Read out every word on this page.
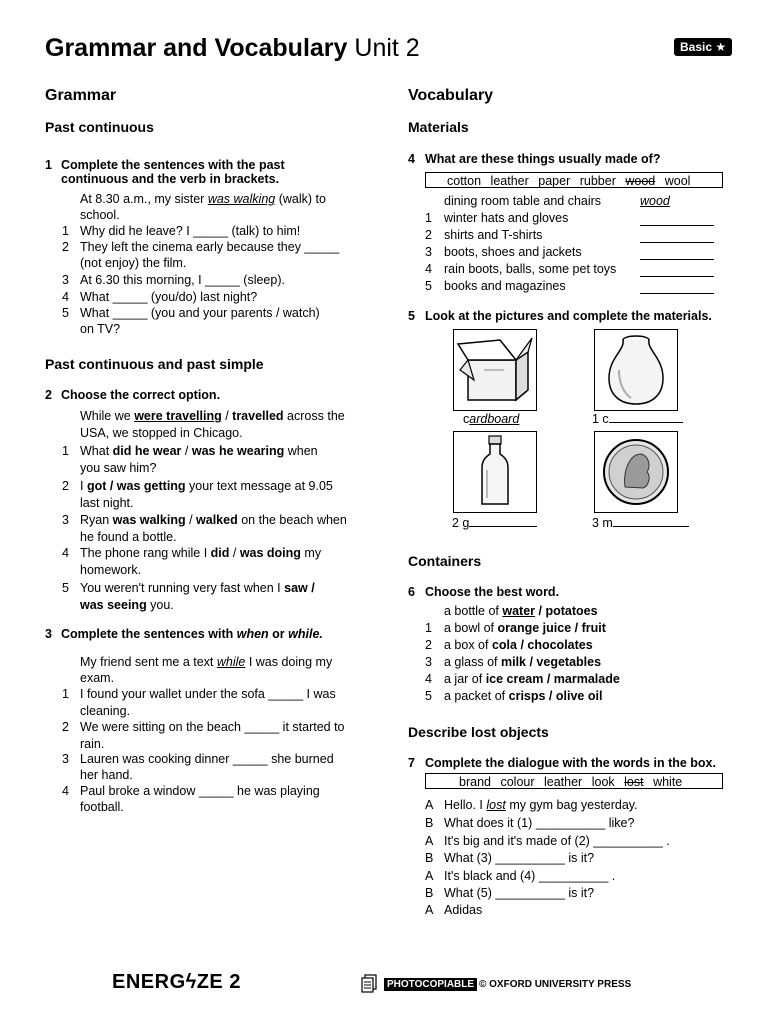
Grammar and Vocabulary Unit 2	Basic ★
Grammar
Past continuous
1 Complete the sentences with the past
continuous and the verb in brackets.
At 8.30 a.m., my sister was walking (walk) to
school.
1 Why did he leave? I _____ (talk) to him!
2 They left the cinema early because they _____
(not enjoy) the film.
3 At 6.30 this morning, I _____ (sleep).
4 What _____ (you/do) last night?
5 What _____ (you and your parents / watch)
on TV?
Past continuous and past simple
2 Choose the correct option.
While we were travelling / travelled across the
USA, we stopped in Chicago.
1 What did he wear / was he wearing when
you saw him?
2 I got / was getting your text message at 9.05
last night.
3 Ryan was walking / walked on the beach when
he found a bottle.
4 The phone rang while I did / was doing my
homework.
5 You weren't running very fast when I saw /
was seeing you.
3 Complete the sentences with when or while.
My friend sent me a text while I was doing my
exam.
1 I found your wallet under the sofa _____ I was
cleaning.
2 We were sitting on the beach _____ it started to
rain.
3 Lauren was cooking dinner _____ she burned
her hand.
4 Paul broke a window _____ he was playing
football.
Vocabulary
Materials
4 What are these things usually made of?
cotton leather paper rubber wood wool
dining room table and chairs	wood
1 winter hats and gloves
2 shirts and T-shirts
3 boots, shoes and jackets
4 rain boots, balls, some pet toys
5 books and magazines
5 Look at the pictures and complete the materials.
cardboard	1 c
2 g	3 m
Containers
6 Choose the best word.
a bottle of water / potatoes
1 a bowl of orange juice / fruit
2 a box of cola / chocolates
3 a glass of milk / vegetables
4 a jar of ice cream / marmalade
5 a packet of crisps / olive oil
Describe lost objects
7 Complete the dialogue with the words in the box.
brand colour leather look lost white
A Hello. I lost my gym bag yesterday.
B What does it (1) __________ like?
A It's big and it's made of (2) __________ .
B What (3) __________ is it?
A It's black and (4) __________ .
B What (5) __________ is it?
A Adidas
ENERGϟZE 2	PHOTOCOPIABLE © OXFORD UNIVERSITY PRESS
